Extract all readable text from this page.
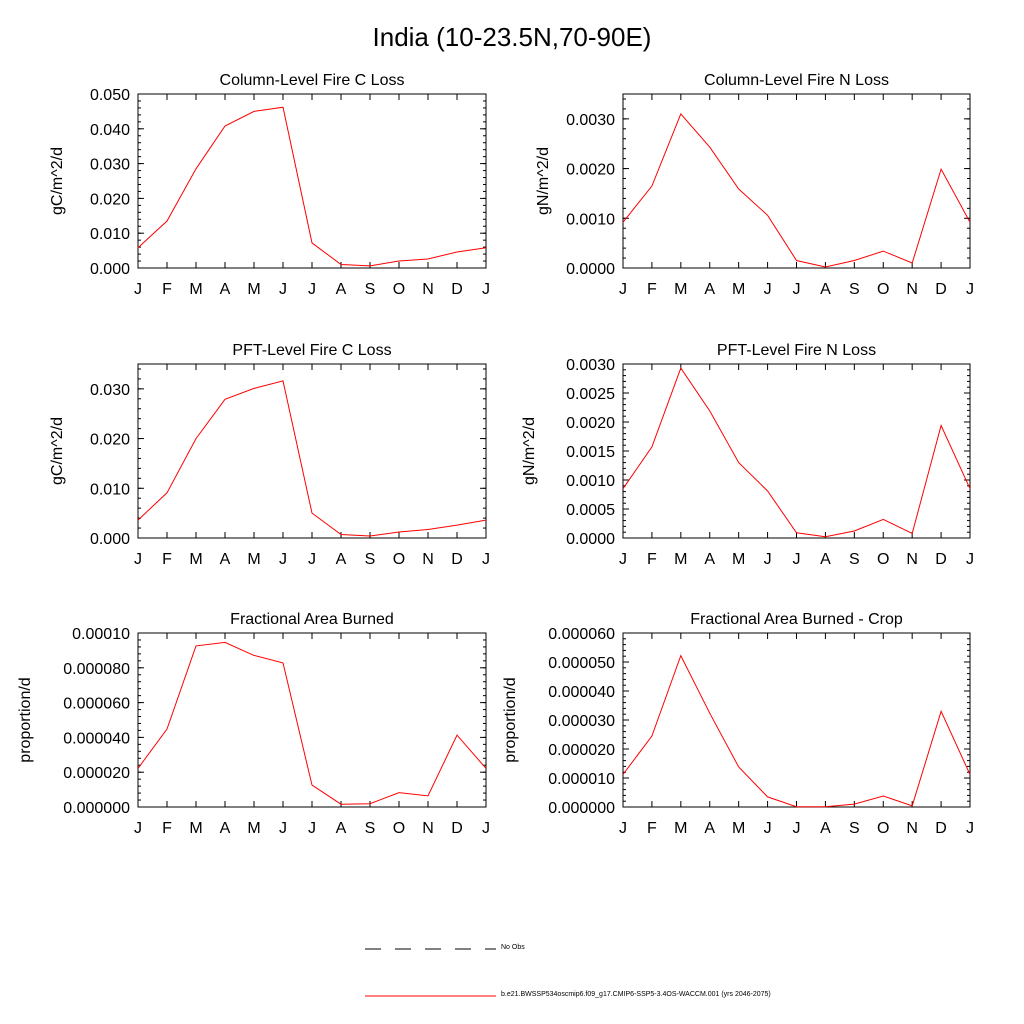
India (10-23.5N,70-90E)
Column-Level Fire C Loss
gC/m^2/d
J F M A M J J A S O N D J
0.000
0.010
0.020
0.030
0.040
0.050
Column-Level Fire N Loss
gN/m^2/d
J F M A M J J A S O N D J
0.0000
0.0010
0.0020
0.0030
PFT-Level Fire C Loss
gC/m^2/d
J F M A M J J A S O N D J
0.000
0.010
0.020
0.030
PFT-Level Fire N Loss
gN/m^2/d
J F M A M J J A S O N D J
0.0000
0.0005
0.0010
0.0015
0.0020
0.0025
0.0030
Fractional Area Burned
proportion/d
J F M A M J J A S O N D J
0.000000
0.000020
0.000040
0.000060
0.000080
0.00010
Fractional Area Burned - Crop
proportion/d
J F M A M J J A S O N D J
0.000000
0.000010
0.000020
0.000030
0.000040
0.000050
0.000060
No Obs
b.e21.BWSSP534oscmip6.f09_g17.CMIP6-SSP5-3.4OS-WACCM.001 (yrs 2046-2075)
